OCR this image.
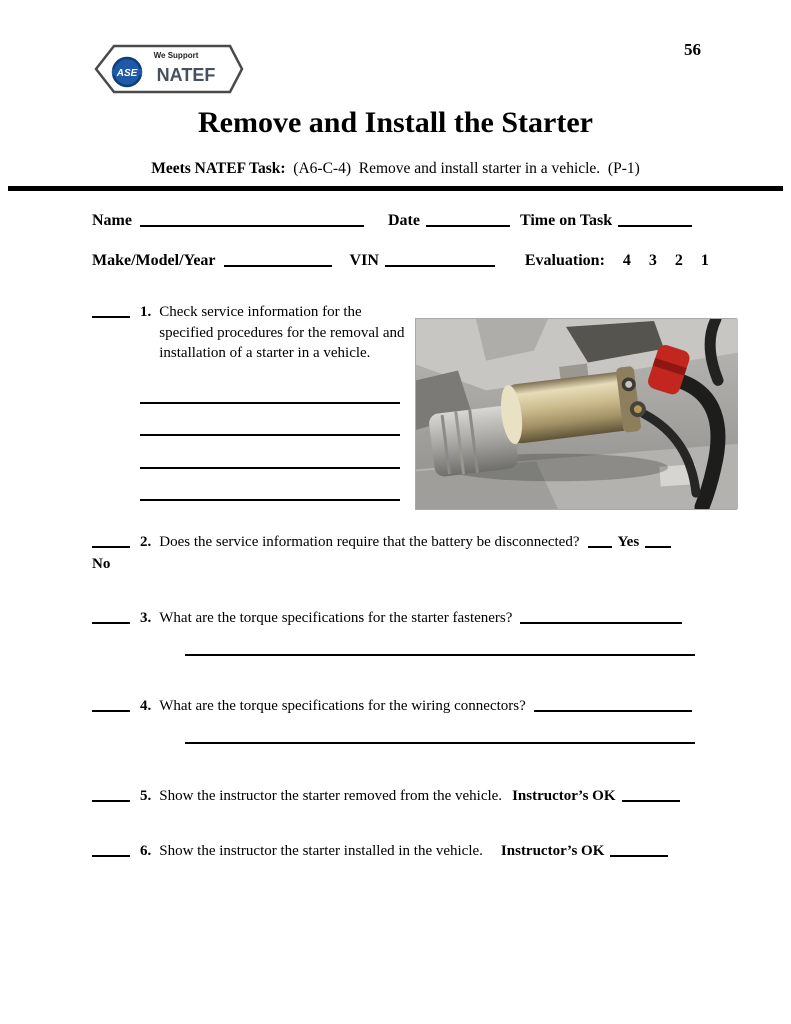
56
ASE
We Support
NATEF
Remove and Install the Starter
Meets NATEF Task:  (A6-C-4)  Remove and install starter in a vehicle.  (P-1)
Name	Date	Time on Task
Make/Model/Year	VIN	Evaluation: 4 3 2 1
1. Check service information for the specified procedures for the removal and installation of a starter in a vehicle.
2. Does the service information require that the battery be disconnected?	Yes
No
3. What are the torque specifications for the starter fasteners?
4. What are the torque specifications for the wiring connectors?
5. Show the instructor the starter removed from the vehicle. Instructor’s OK
6. Show the instructor the starter installed in the vehicle. Instructor’s OK
